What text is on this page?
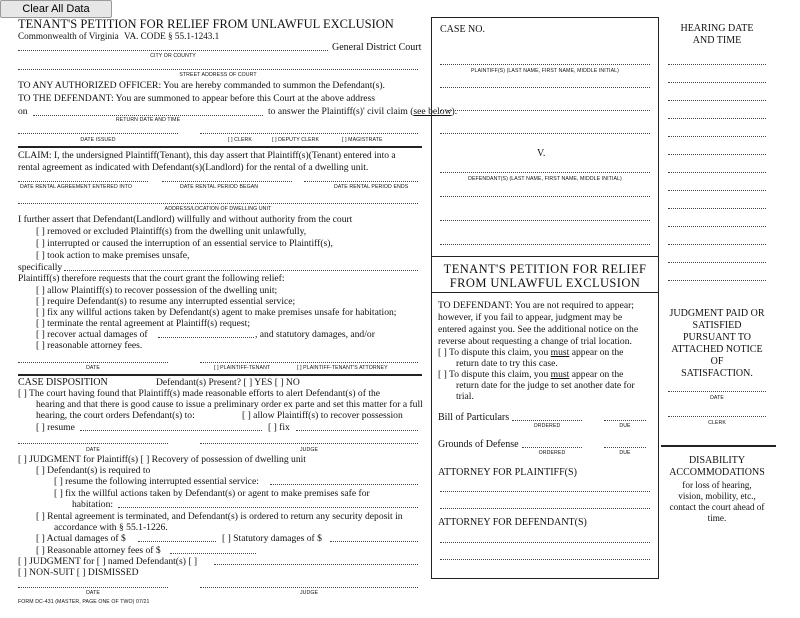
Clear All Data
TENANT'S PETITION FOR RELIEF FROM UNLAWFUL EXCLUSION
Commonwealth of Virginia VA. CODE § 55.1-1243.1
General District Court
CITY OR COUNTY
STREET ADDRESS OF COURT
TO ANY AUTHORIZED OFFICER: You are hereby commanded to summon the Defendant(s).
TO THE DEFENDANT: You are summoned to appear before this Court at the above address
on	to answer the Plaintiff(s)' civil claim (see below).
RETURN DATE AND TIME
DATE ISSUED	[ ] CLERK	[ ] DEPUTY CLERK	[ ] MAGISTRATE
CLAIM: I, the undersigned Plaintiff(Tenant), this day assert that Plaintiff(s)(Tenant) entered into a
rental agreement as indicated with Defendant(s)(Landlord) for the rental of a dwelling unit.
DATE RENTAL AGREEMENT ENTERED INTO	DATE RENTAL PERIOD BEGAN	DATE RENTAL PERIOD ENDS
ADDRESS/LOCATION OF DWELLING UNIT
I further assert that Defendant(Landlord) willfully and without authority from the court
[ ] removed or excluded Plaintiff(s) from the dwelling unit unlawfully,
[ ] interrupted or caused the interruption of an essential service to Plaintiff(s),
[ ] took action to make premises unsafe,
specifically
Plaintiff(s) therefore requests that the court grant the following relief:
[ ] allow Plaintiff(s) to recover possession of the dwelling unit;
[ ] require Defendant(s) to resume any interrupted essential service;
[ ] fix any willful actions taken by Defendant(s) agent to make premises unsafe for habitation;
[ ] terminate the rental agreement at Plaintiff(s) request;
[ ] recover actual damages of	, and statutory damages, and/or
[ ] reasonable attorney fees.
DATE	[ ] PLAINTIFF-TENANT	[ ] PLAINTIFF-TENANT'S ATTORNEY
CASE DISPOSITION	Defendant(s) Present? [ ] YES [ ] NO
[ ] The court having found that Plaintiff(s) made reasonable efforts to alert Defendant(s) of the
hearing and that there is good cause to issue a preliminary order ex parte and set this matter for a full
hearing, the court orders Defendant(s) to:	[ ] allow Plaintiff(s) to recover possession
[ ] resume	[ ] fix
DATE	JUDGE
[ ] JUDGMENT for Plaintiff(s) [ ] Recovery of possession of dwelling unit
[ ] Defendant(s) is required to
[ ] resume the following interrupted essential service:
[ ] fix the willful actions taken by Defendant(s) or agent to make premises safe for
habitation:
[ ] Rental agreement is terminated, and Defendant(s) is ordered to return any security deposit in
accordance with § 55.1-1226.
[ ] Actual damages of $	[ ] Statutory damages of $
[ ] Reasonable attorney fees of $
[ ] JUDGMENT for [ ] named Defendant(s) [ ]
[ ] NON-SUIT [ ] DISMISSED
DATE	JUDGE
FORM DC-431 (MASTER, PAGE ONE OF TWO) 07/21
CASE NO.
PLAINTIFF(S) (LAST NAME, FIRST NAME, MIDDLE INITIAL)
V.
DEFENDANT(S) (LAST NAME, FIRST NAME, MIDDLE INITIAL)
TENANT'S PETITION FOR RELIEF
FROM UNLAWFUL EXCLUSION
TO DEFENDANT: You are not required to appear;
however, if you fail to appear, judgment may be
entered against you. See the additional notice on the
reverse about requesting a change of trial location.
[ ] To dispute this claim, you must appear on the
return date to try this case.
[ ] To dispute this claim, you must appear on the
return date for the judge to set another date for
trial.
Bill of Particulars
ORDERED	DUE
Grounds of Defense
ORDERED	DUE
ATTORNEY FOR PLAINTIFF(S)
ATTORNEY FOR DEFENDANT(S)
HEARING DATE
AND TIME
JUDGMENT PAID OR
SATISFIED
PURSUANT TO
ATTACHED NOTICE
OF
SATISFACTION.
DATE
CLERK
DISABILITY
ACCOMMODATIONS
for loss of hearing,
vision, mobility, etc.,
contact the court ahead of
time.
